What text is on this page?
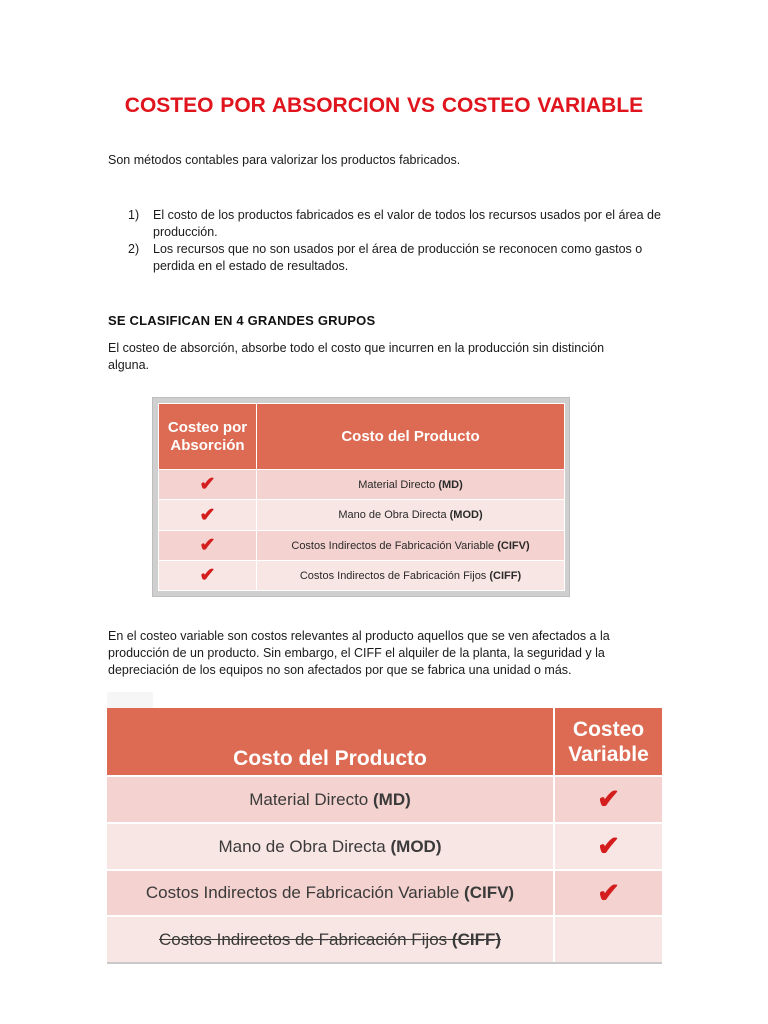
COSTEO POR ABSORCION VS COSTEO VARIABLE
Son métodos contables para valorizar los productos fabricados.
1) El costo de los productos fabricados es el valor de todos los recursos usados por el área de producción.
2) Los recursos que no son usados por el área de producción se reconocen como gastos o perdida en el estado de resultados.
SE CLASIFICAN EN 4 GRANDES GRUPOS
El costeo de absorción, absorbe todo el costo que incurren en la producción sin distinción alguna.
Costeo por Absorción	Costo del Producto
✔	Material Directo (MD)
✔	Mano de Obra Directa (MOD)
✔	Costos Indirectos de Fabricación Variable (CIFV)
✔	Costos Indirectos de Fabricación Fijos (CIFF)
En el costeo variable son costos relevantes al producto aquellos que se ven afectados a la producción de un producto. Sin embargo, el CIFF el alquiler de la planta, la seguridad y la depreciación de los equipos no son afectados por que se fabrica una unidad o más.
Costo del Producto	Costeo Variable
Material Directo (MD)	✔
Mano de Obra Directa (MOD)	✔
Costos Indirectos de Fabricación Variable (CIFV)	✔
Costos Indirectos de Fabricación Fijos (CIFF)	
